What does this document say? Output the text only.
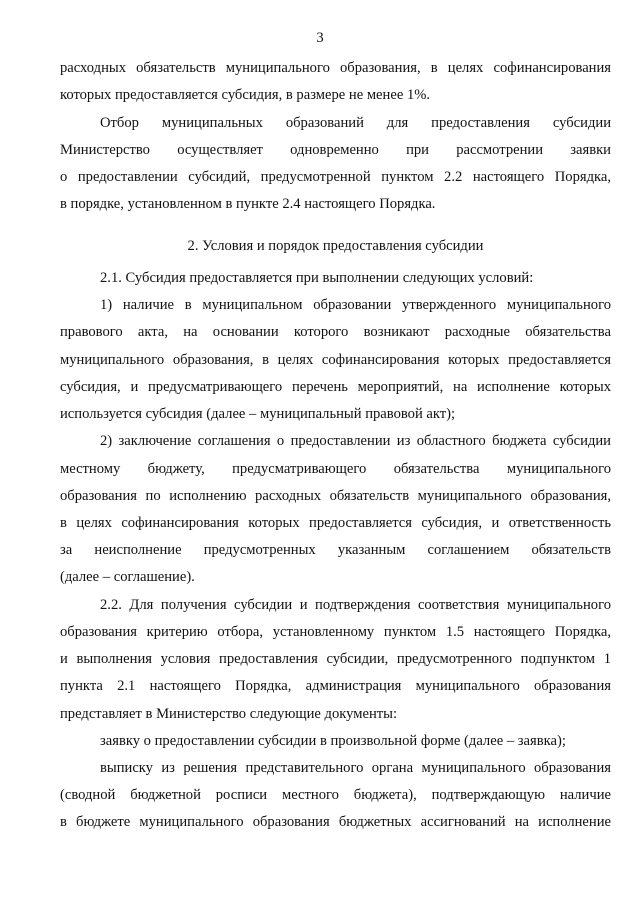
3
расходных обязательств муниципального образования, в целях софинансирования
которых предоставляется субсидия, в размере не менее 1%.
Отбор муниципальных образований для предоставления субсидии
Министерство осуществляет одновременно при рассмотрении заявки
о предоставлении субсидий, предусмотренной пунктом 2.2 настоящего Порядка,
в порядке, установленном в пункте 2.4 настоящего Порядка.
2. Условия и порядок предоставления субсидии
2.1. Субсидия предоставляется при выполнении следующих условий:
1) наличие в муниципальном образовании утвержденного муниципального
правового акта, на основании которого возникают расходные обязательства
муниципального образования, в целях софинансирования которых предоставляется
субсидия, и предусматривающего перечень мероприятий, на исполнение которых
используется субсидия (далее – муниципальный правовой акт);
2) заключение соглашения о предоставлении из областного бюджета субсидии
местному бюджету, предусматривающего обязательства муниципального
образования по исполнению расходных обязательств муниципального образования,
в целях софинансирования которых предоставляется субсидия, и ответственность
за неисполнение предусмотренных указанным соглашением обязательств
(далее – соглашение).
2.2. Для получения субсидии и подтверждения соответствия муниципального
образования критерию отбора, установленному пунктом 1.5 настоящего Порядка,
и выполнения условия предоставления субсидии, предусмотренного подпунктом 1
пункта 2.1 настоящего Порядка, администрация муниципального образования
представляет в Министерство следующие документы:
заявку о предоставлении субсидии в произвольной форме (далее – заявка);
выписку из решения представительного органа муниципального образования
(сводной бюджетной росписи местного бюджета), подтверждающую наличие
в бюджете муниципального образования бюджетных ассигнований на исполнение
